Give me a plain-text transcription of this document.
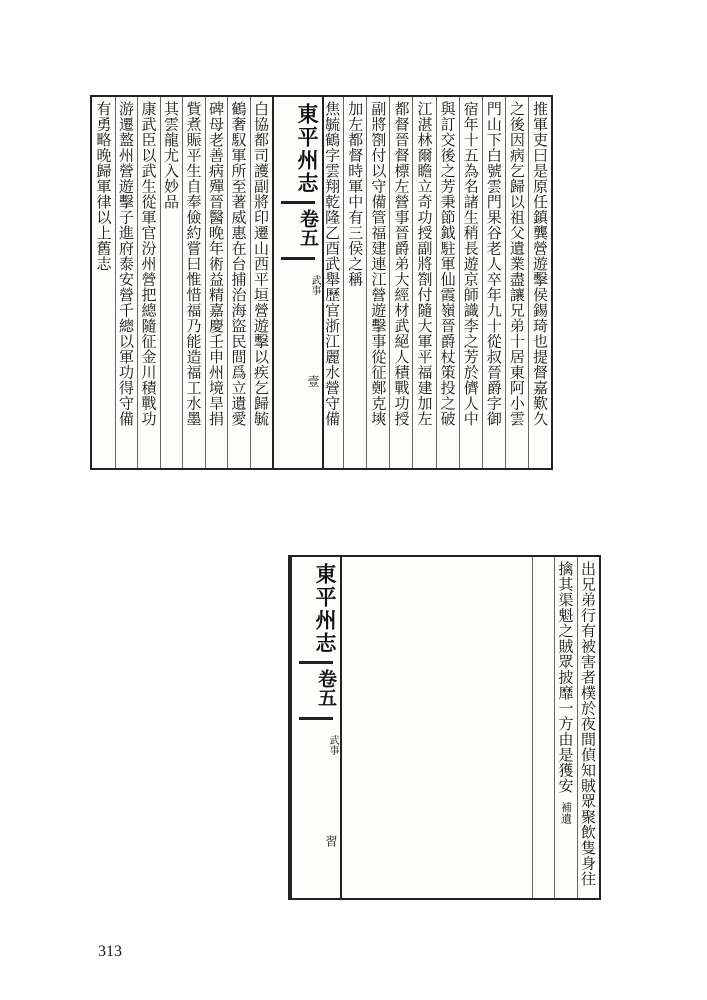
推軍吏曰是原任鎮龔營遊擊侯錫琦也提督嘉歎久
之後因病乞歸以祖父遺業盡讓兄弟十居東阿小雲
門山下白號雲門果谷老人卒年九十從叔晉爵字御
宿年十五為名諸生稍長遊京師識李之芳於儕人中
與訂交後之芳秉節鉞駐軍仙霞嶺晉爵杖策投之破
江湛林爾瞻立奇功授副將劄付隨大軍平福建加左
都督晉督標左營事晉爵弟大經材武絕人積戰功授
副將劄付以守備管福建連江營遊擊事從征鄭克塽
加左都督時軍中有三侯之稱
焦毓鶴字雲翔乾隆乙酉武舉歷官浙江麗水營守備
東平州志
卷五
武事
壹
白協都司護副將印遷山西平垣營遊擊以疾乞歸毓
鶴奢馭軍所至著威惠在台捕治海盜民間爲立遺愛
碑母老善病殫晉醫晚年術益精嘉慶壬申州境旱捐
貲煮賑平生自奉儉約嘗曰惟惜福乃能造福工水墨
其雲龍尤入妙品
康武臣以武生從軍官汾州營把總隨征金川積戰功
游遷盩州營遊擊子進府泰安營千總以軍功得守備
有勇略晚歸軍律以上舊志
東平州志
卷五
武事
習	出兄弟行有被害者樸於夜間偵知賊眾聚飲隻身往
擒其渠魁之賊眾披靡一方由是獲安補遺
313
